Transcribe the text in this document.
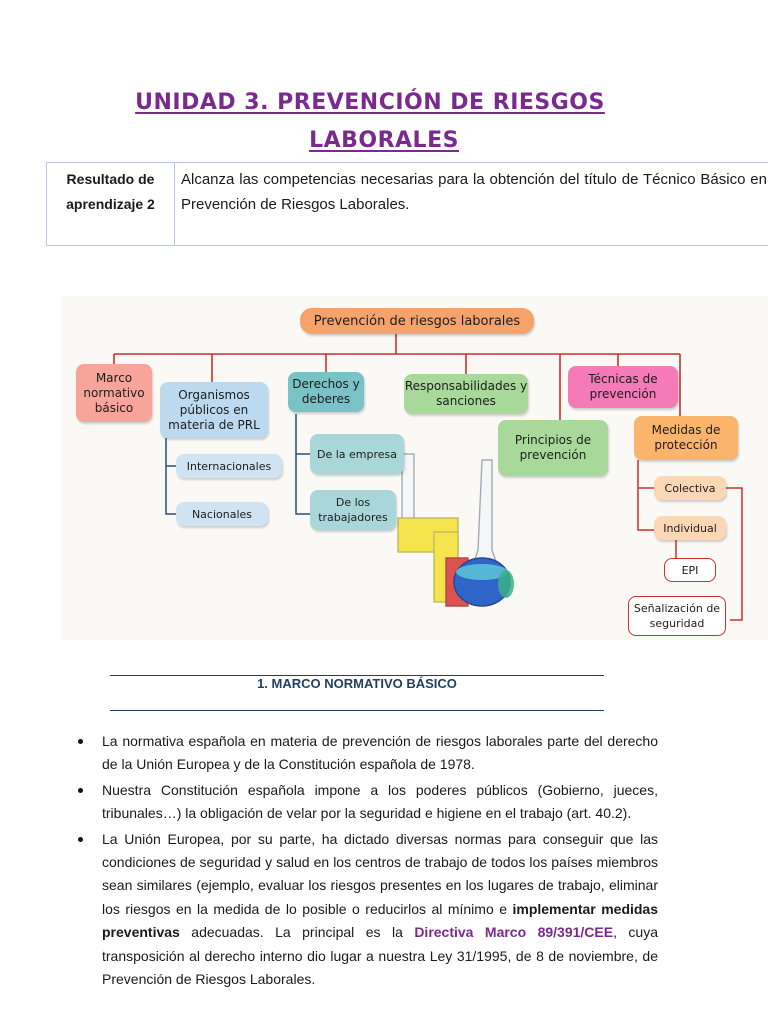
UNIDAD 3. PREVENCIÓN DE RIESGOS
LABORALES
Resultado de aprendizaje 2
Alcanza las competencias necesarias para la obtención del título de Técnico Básico en Prevención de Riesgos Laborales.
Prevención de riesgos laborales
Marco normativo básico
Organismos públicos en materia de PRL
Internacionales
Nacionales
Derechos y deberes
De la empresa
De los trabajadores
Responsabilidades y sanciones
Técnicas de prevención
Principios de prevención
Medidas de protección
Colectiva
Individual
EPI
Señalización de seguridad
1. MARCO NORMATIVO BÁSICO
La normativa española en materia de prevención de riesgos laborales parte del derecho de la Unión Europea y de la Constitución española de 1978.
Nuestra Constitución española impone a los poderes públicos (Gobierno, jueces, tribunales…) la obligación de velar por la seguridad e higiene en el trabajo (art. 40.2).
La Unión Europea, por su parte, ha dictado diversas normas para conseguir que las condiciones de seguridad y salud en los centros de trabajo de todos los países miembros sean similares (ejemplo, evaluar los riesgos presentes en los lugares de trabajo, eliminar los riesgos en la medida de lo posible o reducirlos al mínimo e implementar medidas preventivas adecuadas. La principal es la Directiva Marco 89/391/CEE, cuya transposición al derecho interno dio lugar a nuestra Ley 31/1995, de 8 de noviembre, de Prevención de Riesgos Laborales.
